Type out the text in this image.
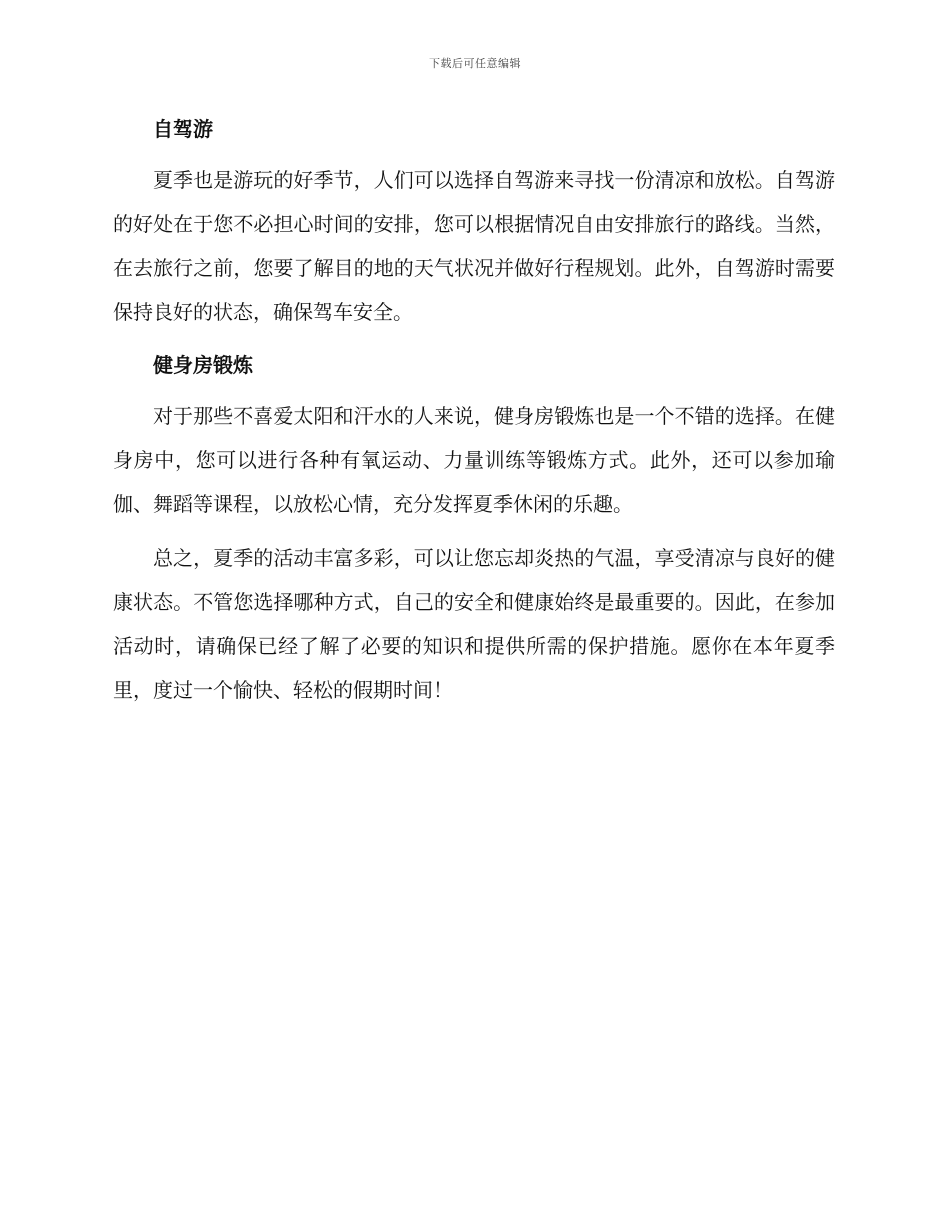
下载后可任意编辑
自驾游

夏季也是游玩的好季节，人们可以选择自驾游来寻找一份清凉和放松。自驾游的好处在于您不必担心时间的安排，您可以根据情况自由安排旅行的路线。当然，在去旅行之前，您要了解目的地的天气状况并做好行程规划。此外，自驾游时需要保持良好的状态，确保驾车安全。

健身房锻炼

对于那些不喜爱太阳和汗水的人来说，健身房锻炼也是一个不错的选择。在健身房中，您可以进行各种有氧运动、力量训练等锻炼方式。此外，还可以参加瑜伽、舞蹈等课程，以放松心情，充分发挥夏季休闲的乐趣。

总之，夏季的活动丰富多彩，可以让您忘却炎热的气温，享受清凉与良好的健康状态。不管您选择哪种方式，自己的安全和健康始终是最重要的。因此，在参加活动时，请确保已经了解了必要的知识和提供所需的保护措施。愿你在本年夏季里，度过一个愉快、轻松的假期时间！
